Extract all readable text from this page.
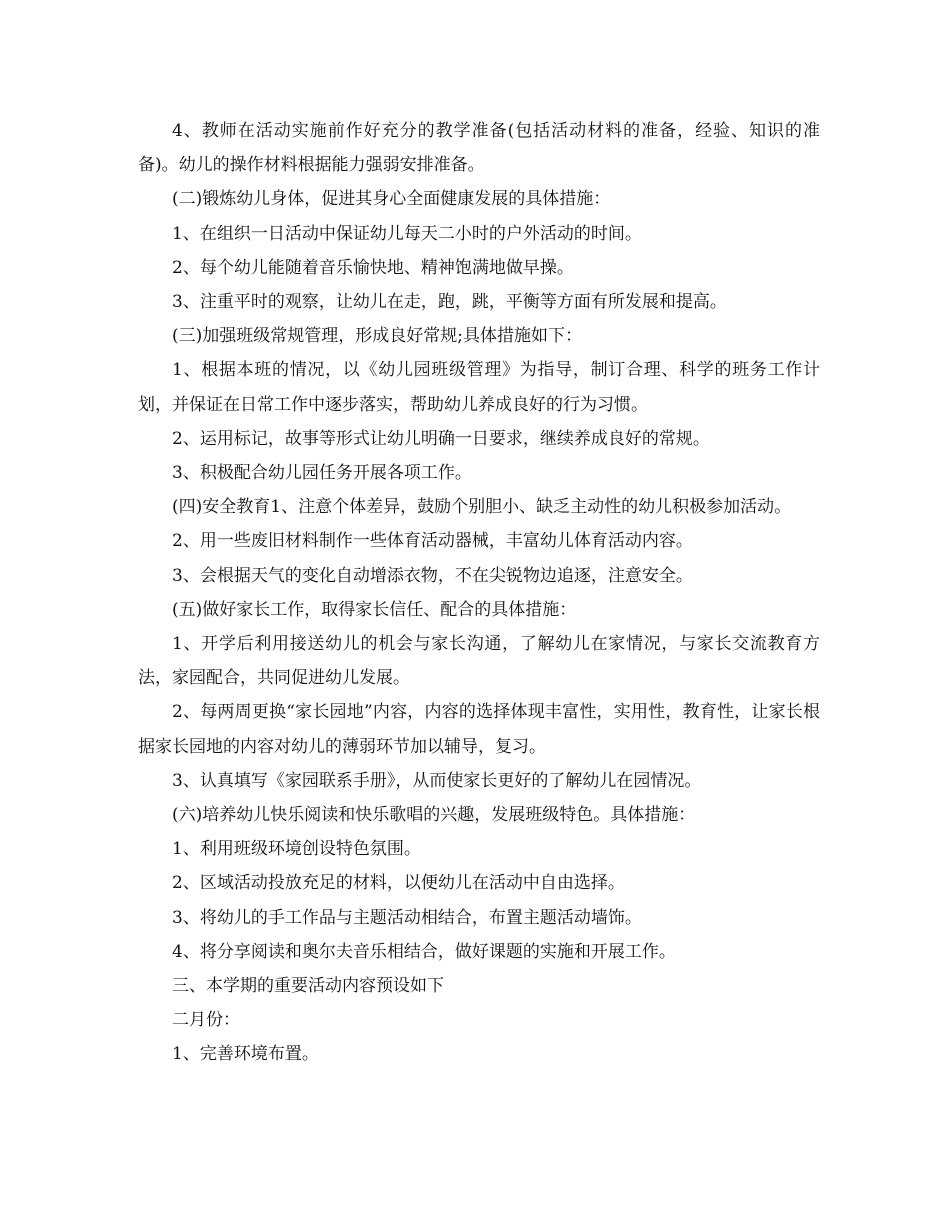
4、教师在活动实施前作好充分的教学准备(包括活动材料的准备，经验、知识的准备)。幼儿的操作材料根据能力强弱安排准备。

(二)锻炼幼儿身体，促进其身心全面健康发展的具体措施：

1、在组织一日活动中保证幼儿每天二小时的户外活动的时间。

2、每个幼儿能随着音乐愉快地、精神饱满地做早操。

3、注重平时的观察，让幼儿在走，跑，跳，平衡等方面有所发展和提高。

(三)加强班级常规管理，形成良好常规;具体措施如下：

1、根据本班的情况，以《幼儿园班级管理》为指导，制订合理、科学的班务工作计划，并保证在日常工作中逐步落实，帮助幼儿养成良好的行为习惯。

2、运用标记，故事等形式让幼儿明确一日要求，继续养成良好的常规。

3、积极配合幼儿园任务开展各项工作。

(四)安全教育1、注意个体差异，鼓励个别胆小、缺乏主动性的幼儿积极参加活动。

2、用一些废旧材料制作一些体育活动器械，丰富幼儿体育活动内容。

3、会根据天气的变化自动增添衣物，不在尖锐物边追逐，注意安全。

(五)做好家长工作，取得家长信任、配合的具体措施：

1、开学后利用接送幼儿的机会与家长沟通，了解幼儿在家情况，与家长交流教育方法，家园配合，共同促进幼儿发展。

2、每两周更换“家长园地”内容，内容的选择体现丰富性，实用性，教育性，让家长根据家长园地的内容对幼儿的薄弱环节加以辅导，复习。

3、认真填写《家园联系手册》，从而使家长更好的了解幼儿在园情况。

(六)培养幼儿快乐阅读和快乐歌唱的兴趣，发展班级特色。具体措施：

1、利用班级环境创设特色氛围。

2、区域活动投放充足的材料，以便幼儿在活动中自由选择。

3、将幼儿的手工作品与主题活动相结合，布置主题活动墙饰。

4、将分享阅读和奥尔夫音乐相结合，做好课题的实施和开展工作。

三、本学期的重要活动内容预设如下

二月份：

1、完善环境布置。
